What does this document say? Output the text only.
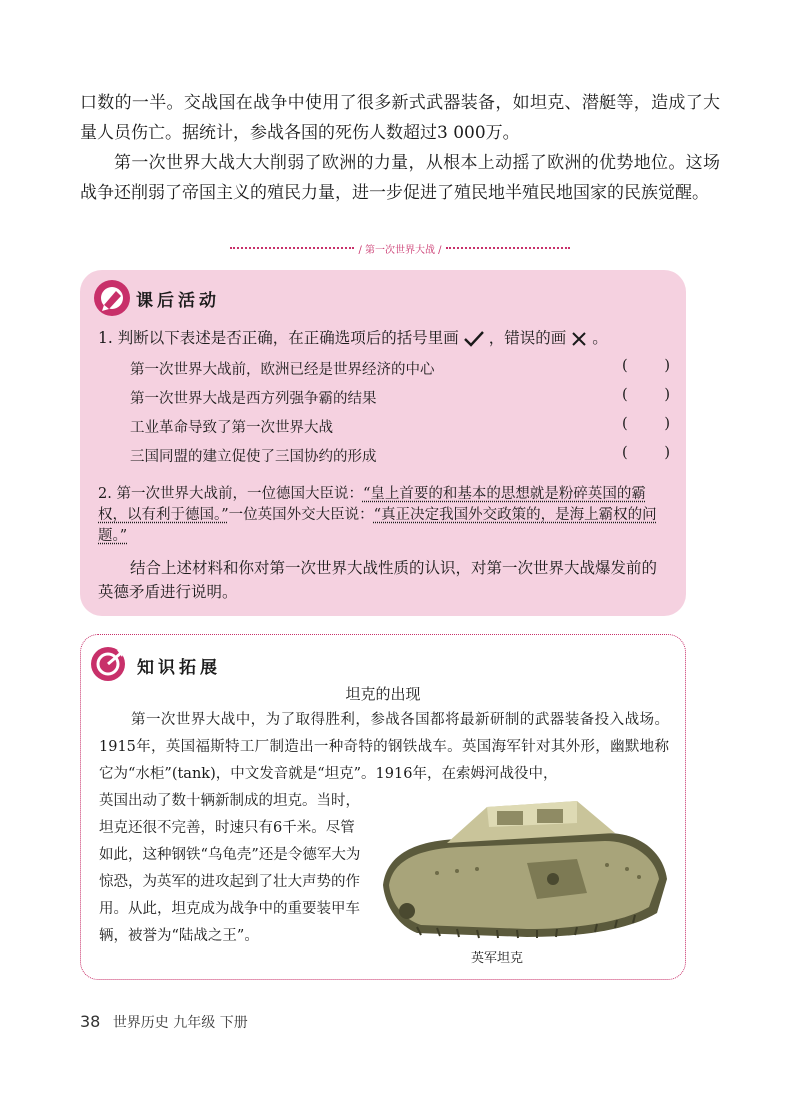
口数的一半。交战国在战争中使用了很多新式武器装备，如坦克、潜艇等，造成了大量人员伤亡。据统计，参战各国的死伤人数超过3 000万。

第一次世界大战大大削弱了欧洲的力量，从根本上动摇了欧洲的优势地位。这场战争还削弱了帝国主义的殖民力量，进一步促进了殖民地半殖民地国家的民族觉醒。

/ 第一次世界大战 /
课后活动
1. 判断以下表述是否正确，在正确选项后的括号里画 ，错误的画 。
第一次世界大战前，欧洲已经是世界经济的中心	(	)
第一次世界大战是西方列强争霸的结果	(	)
工业革命导致了第一次世界大战	(	)
三国同盟的建立促使了三国协约的形成	(	)
2. 第一次世界大战前，一位德国大臣说：“皇上首要的和基本的思想就是粉碎英国的霸权，以有利于德国。”一位英国外交大臣说：“真正决定我国外交政策的，是海上霸权的问题。”
结合上述材料和你对第一次世界大战性质的认识，对第一次世界大战爆发前的英德矛盾进行说明。
知识拓展
坦克的出现

第一次世界大战中，为了取得胜利，参战各国都将最新研制的武器装备投入战场。1915年，英国福斯特工厂制造出一种奇特的钢铁战车。英国海军针对其外形，幽默地称它为“水柜”(tank)，中文发音就是“坦克”。1916年，在索姆河战役中，

英国出动了数十辆新制成的坦克。当时，坦克还很不完善，时速只有6千米。尽管如此，这种钢铁“乌龟壳”还是令德军大为惊恐，为英军的进攻起到了壮大声势的作用。从此，坦克成为战争中的重要装甲车辆，被誉为“陆战之王”。

英军坦克
38 世界历史 九年级 下册
